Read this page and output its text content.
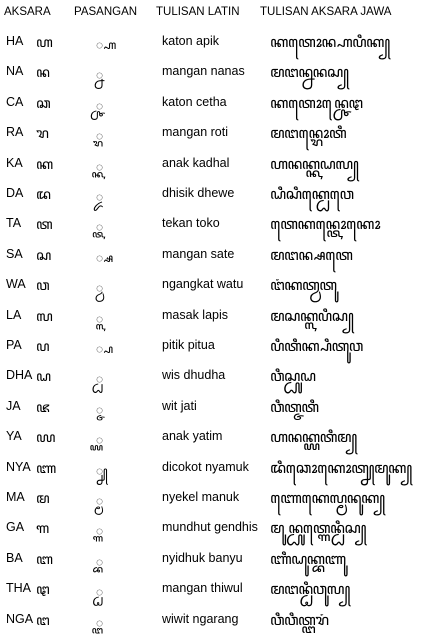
AKSARA PASANGAN TULISAN LATIN TULISAN AKSARA JAWA
HA ꦲ	꧀ꦲ	katon apik	ꦏꦠꦺꦴꦤ꧀ꦲꦥꦶꦏ꧀
NA ꦤ	꧀ꦤ	mangan nanas ꦩꦔꦤ꧀ꦤꦤꦱ꧀
CA ꦕ	꧀ꦕ	katon cetha	ꦏꦠꦺꦴꦤ꧀ꦕꦺꦛ
RA ꦫ	꧀ꦫ	mangan roti	ꦩꦔꦤ꧀ꦫꦺꦴꦠꦶ
KA ꦏ	꧀ꦏ	anak kadhal	ꦲꦤꦏ꧀ꦏꦝꦭ꧀
DA ꦢ	꧀ꦢ	dhisik dhewe ꦝꦶꦱꦶꦏ꧀ꦝꦺꦮꦺ
TA ꦠ	꧀ꦠ	tekan toko	ꦠꦺꦏꦤ꧀ꦠꦺꦴꦏꦺꦴ
SA ꦱ	꧀ꦱ	mangan sate ꦩꦔꦤ꧀ꦱꦠꦺ
WA ꦮ	꧀ꦮ	ngangkat watu ꦔꦁꦏꦠ꧀ꦮꦠꦸ
LA ꦭ	꧀ꦭ	masak lapis	ꦩꦱꦏ꧀ꦭꦥꦶꦱ꧀
PA ꦥ	꧀ꦥ	pitik pitua	ꦥꦶꦠꦶꦏ꧀ꦥꦶꦠꦸꦮ
DHA ꦝ	꧀ꦝ	wis dhudha	ꦮꦶꦱ꧀ꦝꦸꦝ
JA ꦗ	꧀ꦗ	wit jati	ꦮꦶꦠ꧀ꦗꦠꦶ
YA ꦪ	꧀ꦪ	anak yatim	ꦲꦤꦏ꧀ꦪꦠꦶꦩ꧀
NYA ꦚ	꧀ꦚ	dicokot nyamuk ꦢꦶꦕꦺꦴꦏꦺꦴꦠ꧀ꦚꦩꦸꦏ꧀
MA ꦩ	꧀ꦩ	nyekel manuk ꦚꦺꦏꦺꦭ꧀ꦩꦤꦸꦏ꧀
GA ꦒ	꧀ꦒ	mundhut gendhis ꦩꦸꦤ꧀ꦝꦸꦠ꧀ꦒꦺꦤ꧀ꦝꦶꦱ꧀
BA ꦧ	꧀ꦧ	nyidhuk banyu ꦚꦶꦝꦸꦏ꧀ꦧꦚꦸ
THA ꦛ	꧀ꦛ	mangan thiwul ꦩꦔꦤ꧀ꦛꦶꦮꦸꦭ꧀
NGA ꦔ	꧀ꦔ	wiwit ngarang ꦮꦶꦮꦶꦠ꧀ꦔꦫꦁ
